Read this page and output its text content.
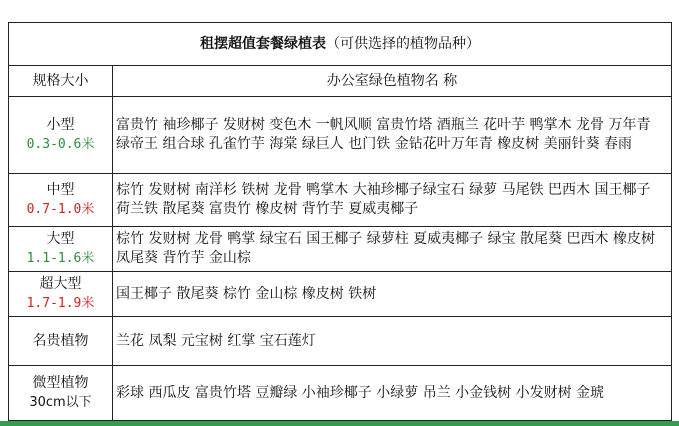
租摆超值套餐绿植表（可供选择的植物品种）	
规格大小	办公室绿色植物名 称

小型
0.3-0.6米	富贵竹 袖珍椰子 发财树 变色木 一帆风顺 富贵竹塔 酒瓶兰 花叶芋 鸭掌木 龙骨 万年青 绿帝王 组合球 孔雀竹芋 海棠 绿巨人 也门铁 金钻花叶万年青 橡皮树 美丽针葵 春雨

中型
0.7-1.0米	棕竹 发财树 南洋杉 铁树 龙骨 鸭掌木 大袖珍椰子绿宝石 绿萝 马尾铁 巴西木 国王椰子 荷兰铁 散尾葵 富贵竹 橡皮树 背竹芋 夏威夷椰子

大型
1.1-1.6米	棕竹 发财树 龙骨 鸭掌 绿宝石 国王椰子 绿萝柱 夏威夷椰子 绿宝 散尾葵 巴西木 橡皮树 凤尾葵 背竹芋 金山棕

超大型
1.7-1.9米	国王椰子 散尾葵 棕竹 金山棕 橡皮树 铁树

名贵植物	兰花 凤梨 元宝树 红掌 宝石莲灯

微型植物
30cm以下	彩球 西瓜皮 富贵竹塔 豆瓣绿 小袖珍椰子 小绿萝 吊兰 小金钱树 小发财树 金琥
